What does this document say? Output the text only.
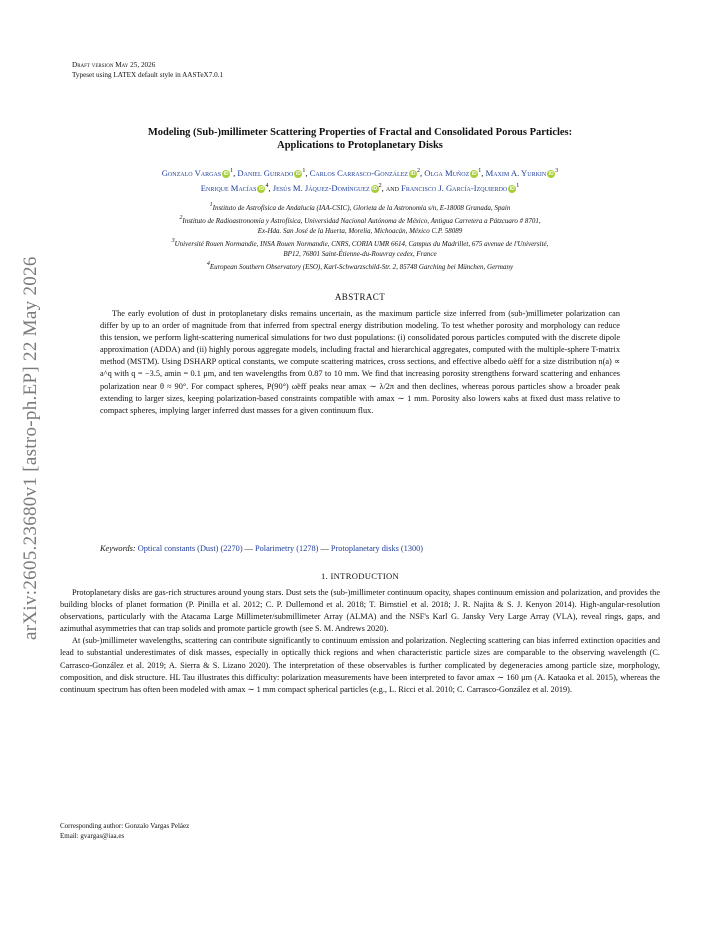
arXiv:2605.23680v1 [astro-ph.EP] 22 May 2026
Draft version May 25, 2026
Typeset using LATEX default style in AASTeX7.0.1
Modeling (Sub-)millimeter Scattering Properties of Fractal and Consolidated Porous Particles:
Applications to Protoplanetary Disks
Gonzalo Vargas iD $^1$, Daniel Guirado iD $^1$, Carlos Carrasco-González iD $^2$, Olga Muñoz iD $^1$, Maxim A. Yurkin iD $^3$
Enrique Macías iD $^4$, Jesús M. Jáquez-Domínguez iD $^2$, and Francisco J. García-Izquierdo iD $^1$
$^1$Instituto de Astrofísica de Andalucía (IAA-CSIC), Glorieta de la Astronomía s/n, E-18008 Granada, Spain
$^2$Instituto de Radioastronomía y Astrofísica, Universidad Nacional Autónoma de México, Antigua Carretera a Pátzcuaro # 8701,
Ex-Hda. San José de la Huerta, Morelia, Michoacán, México C.P. 58089
$^3$Université Rouen Normandie, INSA Rouen Normandie, CNRS, CORIA UMR 6614, Campus du Madrillet, 675 avenue de l'Université,
BP12, 76801 Saint-Étienne-du-Rouvray cedex, France
$^4$European Southern Observatory (ESO), Karl-Schwarzschild-Str. 2, 85748 Garching bei München, Germany
ABSTRACT
The early evolution of dust in protoplanetary disks remains uncertain, as the maximum particle size inferred from (sub-)millimeter polarization can differ by up to an order of magnitude from that inferred from spectral energy distribution modeling. To test whether porosity and morphology can reduce this tension, we perform light-scattering numerical simulations for two dust populations: (i) consolidated porous particles computed with the discrete dipole approximation (ADDA) and (ii) highly porous aggregate models, including fractal and hierarchical aggregates, computed with the multiple-sphere T-matrix method (MSTM). Using DSHARP optical constants, we compute scattering matrices, cross sections, and effective albedo ω̃eff for a size distribution n(a) ∝ a^q with q = −3.5, amin = 0.1 μm, and ten wavelengths from 0.87 to 10 mm. We find that increasing porosity strengthens forward scattering and enhances polarization near θ ≈ 90°. For compact spheres, P(90°) ω̃eff peaks near amax ∼ λ/2π and then declines, whereas porous particles show a broader peak extending to larger sizes, keeping polarization-based constraints compatible with amax ∼ 1 mm. Porosity also lowers κabs at fixed dust mass relative to compact spheres, implying larger inferred dust masses for a given continuum flux.
Keywords: Optical constants (Dust) (2270) — Polarimetry (1278) — Protoplanetary disks (1300)
1. INTRODUCTION

Protoplanetary disks are gas-rich structures around young stars. Dust sets the (sub-)millimeter continuum opacity, shapes continuum emission and polarization, and provides the building blocks of planet formation (P. Pinilla et al. 2012; C. P. Dullemond et al. 2018; T. Birnstiel et al. 2018; J. R. Najita & S. J. Kenyon 2014). High-angular-resolution observations, particularly with the Atacama Large Millimeter/submillimeter Array (ALMA) and the NSF's Karl G. Jansky Very Large Array (VLA), reveal rings, gaps, and azimuthal asymmetries that can trap solids and promote particle growth (see S. M. Andrews 2020).

At (sub-)millimeter wavelengths, scattering can contribute significantly to continuum emission and polarization. Neglecting scattering can bias inferred extinction opacities and lead to substantial underestimates of disk masses, especially in optically thick regions and when characteristic particle sizes are comparable to the observing wavelength (C. Carrasco-González et al. 2019; A. Sierra & S. Lizano 2020). The interpretation of these observables is further complicated by degeneracies among particle size, morphology, composition, and disk structure. HL Tau illustrates this difficulty: polarization measurements have been interpreted to favor amax ∼ 160 μm (A. Kataoka et al. 2015), whereas the continuum spectrum has often been modeled with amax ∼ 1 mm compact spherical particles (e.g., L. Ricci et al. 2010; C. Carrasco-González et al. 2019).

Corresponding author: Gonzalo Vargas Peláez
Email: gvargas@iaa.es
